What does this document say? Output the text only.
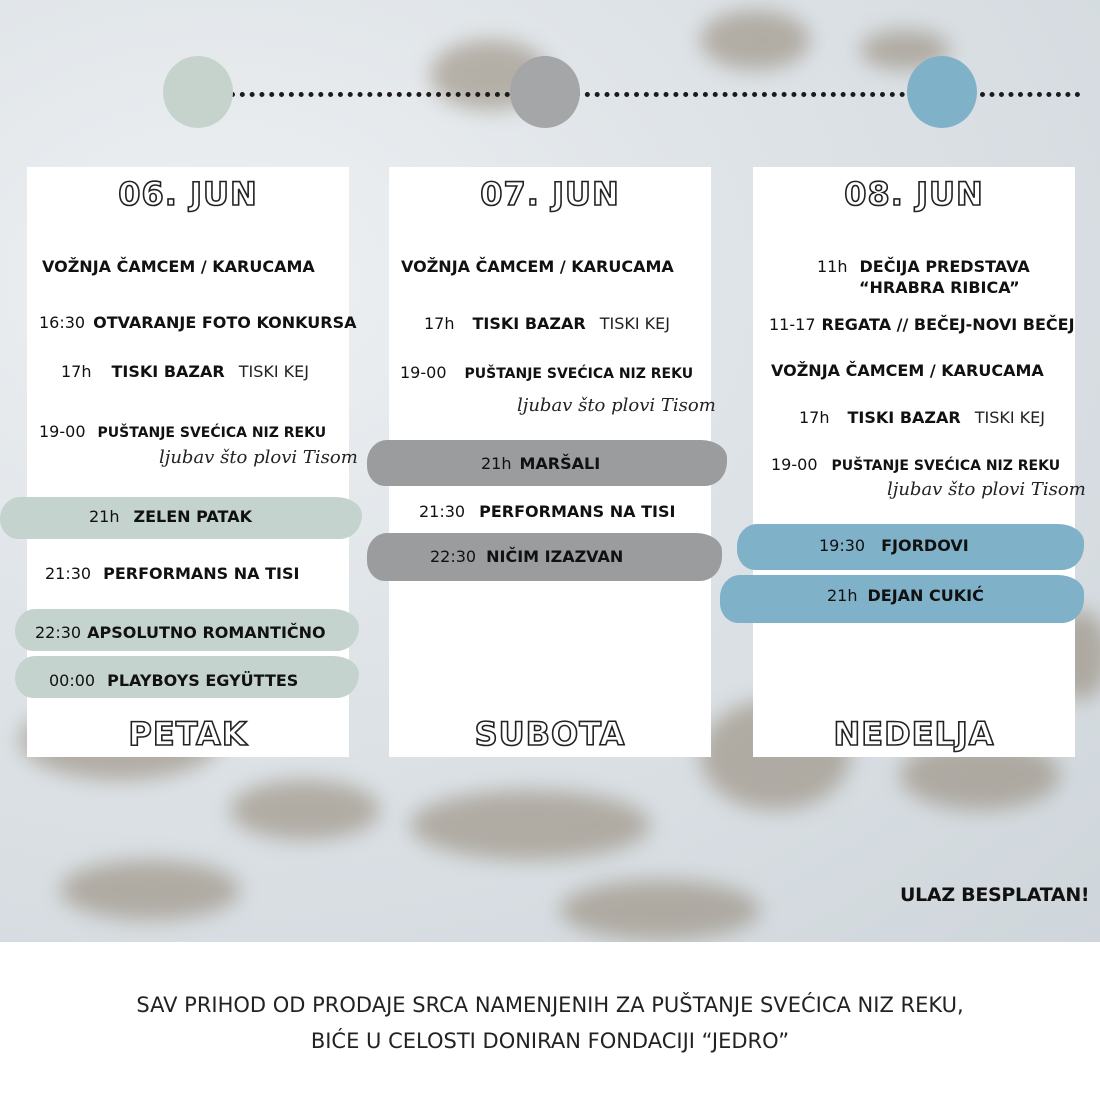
06. JUN
VOŽNJA ČAMCEM / KARUCAMA
16:30 OTVARANJE FOTO KONKURSA
17h TISKI BAZAR TISKI KEJ
19-00 PUŠTANJE SVEĆICA NIZ REKU
ljubav što plovi Tisom
21h ZELEN PATAK
21:30 PERFORMANS NA TISI
22:30 APSOLUTNO ROMANTIČNO
00:00 PLAYBOYS EGYÜTTES
PETAK
07. JUN
VOŽNJA ČAMCEM / KARUCAMA
17h TISKI BAZAR TISKI KEJ
19-00 PUŠTANJE SVEĆICA NIZ REKU
ljubav što plovi Tisom
21h MARŠALI
21:30 PERFORMANS NA TISI
22:30 NIČIM IZAZVAN
SUBOTA
08. JUN
11h DEČIJA PREDSTAVA
“HRABRA RIBICA”
11-17 REGATA // BEČEJ-NOVI BEČEJ
VOŽNJA ČAMCEM / KARUCAMA
17h TISKI BAZAR TISKI KEJ
19-00 PUŠTANJE SVEĆICA NIZ REKU
ljubav što plovi Tisom
19:30 FJORDOVI
21h DEJAN CUKIĆ
NEDELJA
ULAZ BESPLATAN!
SAV PRIHOD OD PRODAJE SRCA NAMENJENIH ZA PUŠTANJE SVEĆICA NIZ REKU,
BIĆE U CELOSTI DONIRAN FONDACIJI “JEDRO”
